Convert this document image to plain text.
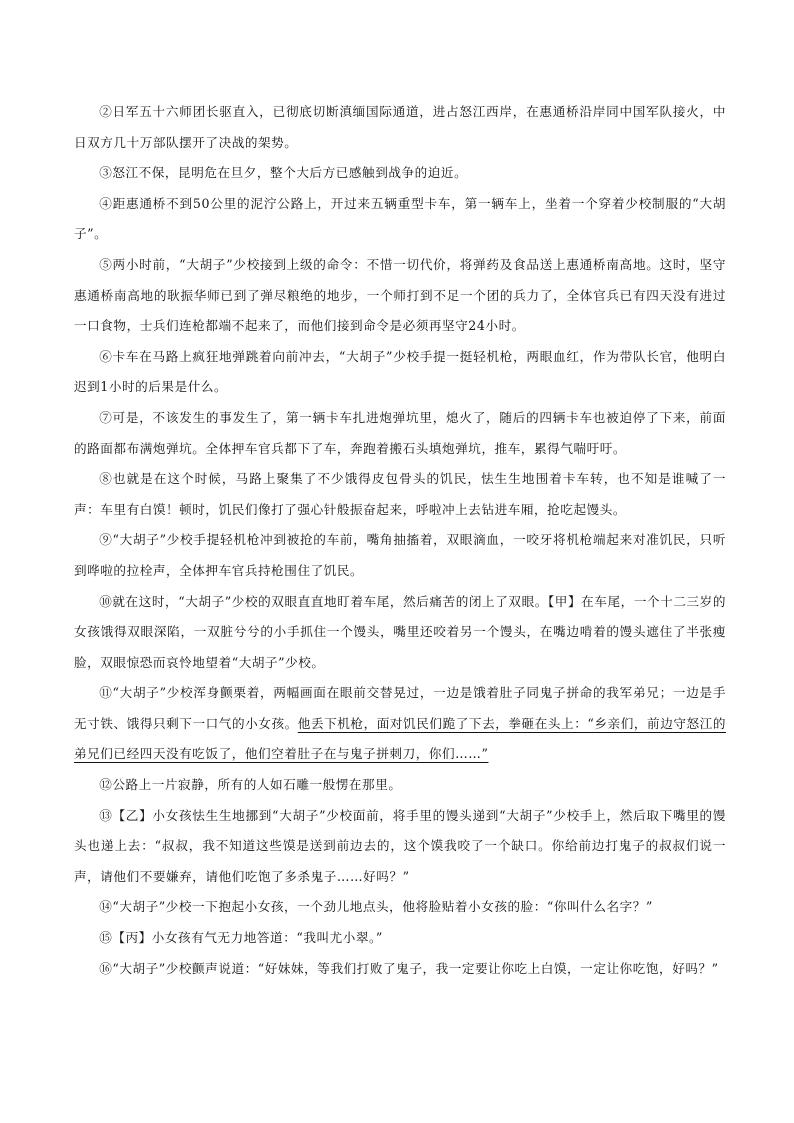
②日军五十六师团长驱直入，已彻底切断滇缅国际通道，进占怒江西岸，在惠通桥沿岸同中国军队接火，中日双方几十万部队摆开了决战的架势。

③怒江不保，昆明危在旦夕，整个大后方已感触到战争的迫近。

④距惠通桥不到50公里的泥泞公路上，开过来五辆重型卡车，第一辆车上，坐着一个穿着少校制服的“大胡子”。

⑤两小时前，“大胡子”少校接到上级的命令：不惜一切代价，将弹药及食品送上惠通桥南高地。这时，坚守惠通桥南高地的耿振华师已到了弹尽粮绝的地步，一个师打到不足一个团的兵力了，全体官兵已有四天没有进过一口食物，士兵们连枪都端不起来了，而他们接到命令是必须再坚守24小时。

⑥卡车在马路上疯狂地弹跳着向前冲去，“大胡子”少校手提一挺轻机枪，两眼血红，作为带队长官，他明白迟到1小时的后果是什么。

⑦可是，不该发生的事发生了，第一辆卡车扎进炮弹坑里，熄火了，随后的四辆卡车也被迫停了下来，前面的路面都布满炮弹坑。全体押车官兵都下了车，奔跑着搬石头填炮弹坑，推车，累得气喘吁吁。

⑧也就是在这个时候，马路上聚集了不少饿得皮包骨头的饥民，怯生生地围着卡车转，也不知是谁喊了一声：车里有白馍！顿时，饥民们像打了强心针般振奋起来，呼啦冲上去钻进车厢，抢吃起馒头。

⑨“大胡子”少校手提轻机枪冲到被抢的车前，嘴角抽搐着，双眼滴血，一咬牙将机枪端起来对准饥民，只听到哗啦的拉栓声，全体押车官兵持枪围住了饥民。

⑩就在这时，“大胡子”少校的双眼直直地盯着车尾，然后痛苦的闭上了双眼。【甲】在车尾，一个十二三岁的女孩饿得双眼深陷，一双脏兮兮的小手抓住一个馒头，嘴里还咬着另一个馒头，在嘴边啃着的馒头遮住了半张瘦脸，双眼惊恐而哀怜地望着“大胡子”少校。

⑪“大胡子”少校浑身颤栗着，两幅画面在眼前交替晃过，一边是饿着肚子同鬼子拼命的我军弟兄；一边是手无寸铁、饿得只剩下一口气的小女孩。他丢下机枪，面对饥民们跪了下去，拳砸在头上：“乡亲们，前边守怒江的弟兄们已经四天没有吃饭了，他们空着肚子在与鬼子拼刺刀，你们……”

⑫公路上一片寂静，所有的人如石雕一般愣在那里。

⑬【乙】小女孩怯生生地挪到“大胡子”少校面前，将手里的馒头递到“大胡子”少校手上，然后取下嘴里的馒头也递上去：“叔叔，我不知道这些馍是送到前边去的，这个馍我咬了一个缺口。你给前边打鬼子的叔叔们说一声，请他们不要嫌弃，请他们吃饱了多杀鬼子……好吗？”

⑭“大胡子”少校一下抱起小女孩，一个劲儿地点头，他将脸贴着小女孩的脸：“你叫什么名字？”

⑮【丙】小女孩有气无力地答道：“我叫尤小翠。”

⑯“大胡子”少校颤声说道：“好妹妹，等我们打败了鬼子，我一定要让你吃上白馍，一定让你吃饱，好吗？”
